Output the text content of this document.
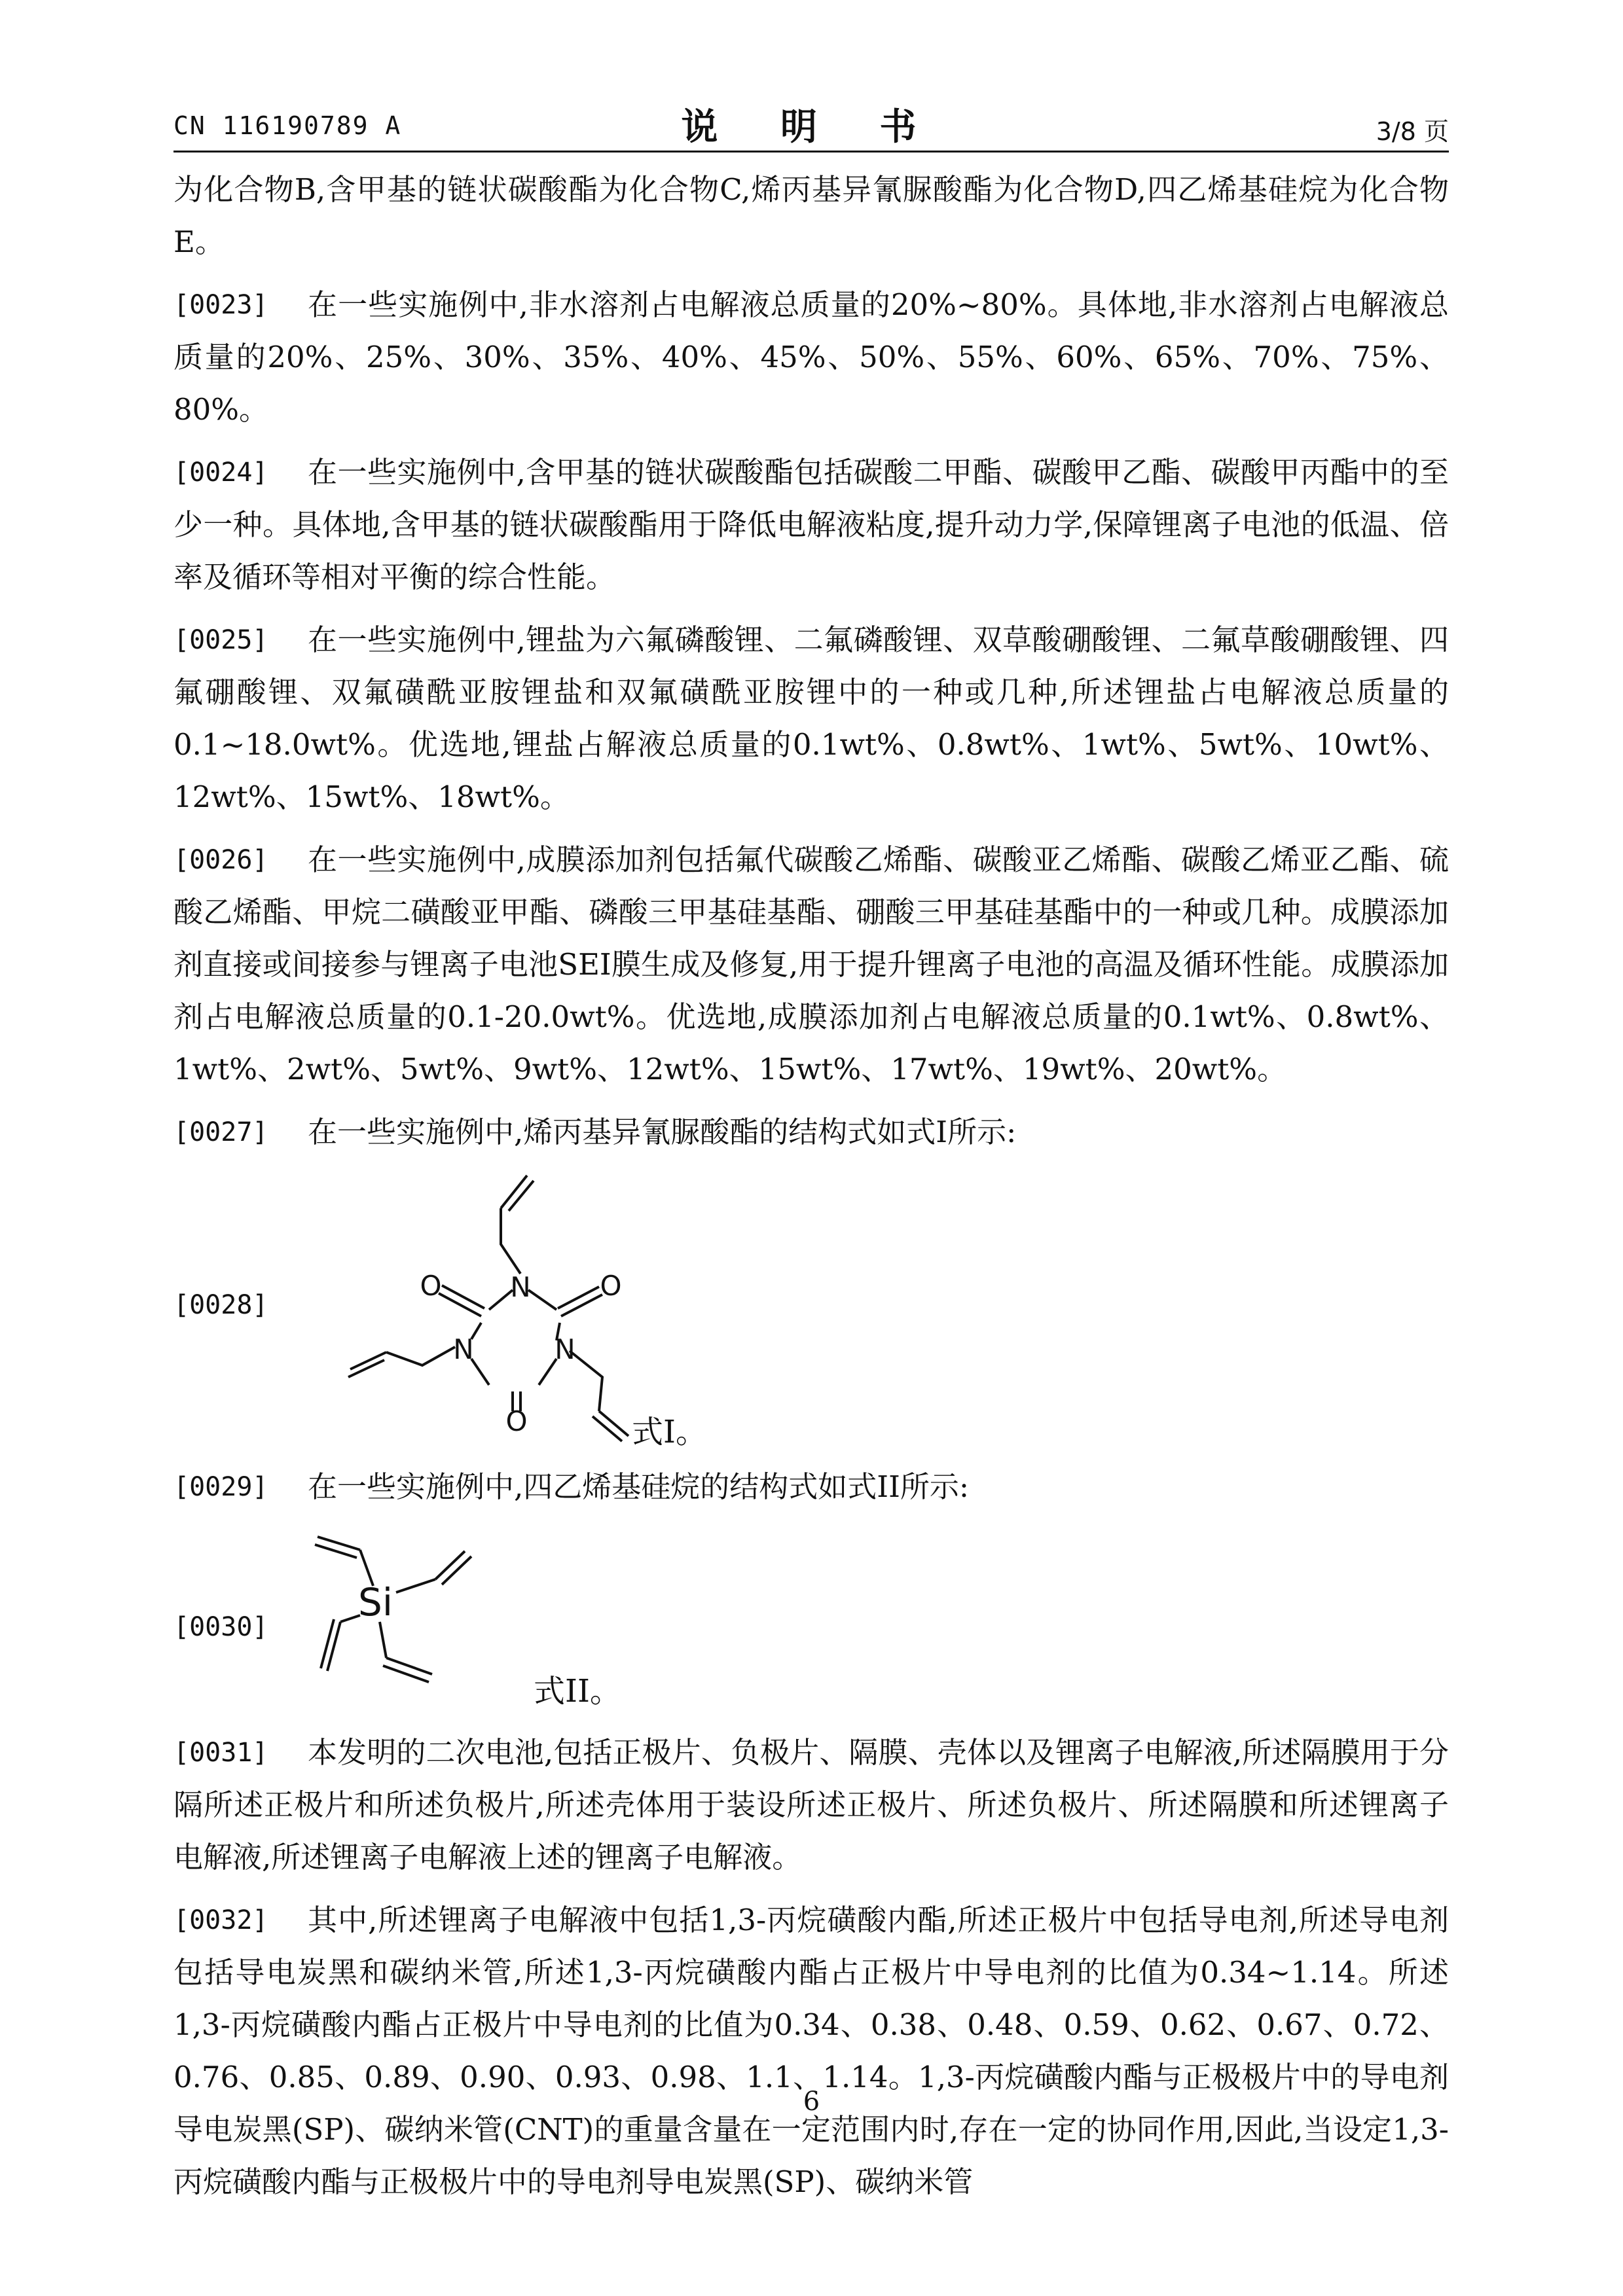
CN 116190789 A	说 明 书	3/8 页
为化合物B,含甲基的链状碳酸酯为化合物C,烯丙基异氰脲酸酯为化合物D,四乙烯基硅烷为化合物E。
[0023]	在一些实施例中,非水溶剂占电解液总质量的20%~80%。具体地,非水溶剂占电解液总质量的20%、25%、30%、35%、40%、45%、50%、55%、60%、65%、70%、75%、80%。
[0024]	在一些实施例中,含甲基的链状碳酸酯包括碳酸二甲酯、碳酸甲乙酯、碳酸甲丙酯中的至少一种。具体地,含甲基的链状碳酸酯用于降低电解液粘度,提升动力学,保障锂离子电池的低温、倍率及循环等相对平衡的综合性能。
[0025]	在一些实施例中,锂盐为六氟磷酸锂、二氟磷酸锂、双草酸硼酸锂、二氟草酸硼酸锂、四氟硼酸锂、双氟磺酰亚胺锂盐和双氟磺酰亚胺锂中的一种或几种,所述锂盐占电解液总质量的0.1~18.0wt%。优选地,锂盐占解液总质量的0.1wt%、0.8wt%、1wt%、5wt%、10wt%、12wt%、15wt%、18wt%。
[0026]	在一些实施例中,成膜添加剂包括氟代碳酸乙烯酯、碳酸亚乙烯酯、碳酸乙烯亚乙酯、硫酸乙烯酯、甲烷二磺酸亚甲酯、磷酸三甲基硅基酯、硼酸三甲基硅基酯中的一种或几种。成膜添加剂直接或间接参与锂离子电池SEI膜生成及修复,用于提升锂离子电池的高温及循环性能。成膜添加剂占电解液总质量的0.1-20.0wt%。优选地,成膜添加剂占电解液总质量的0.1wt%、0.8wt%、1wt%、2wt%、5wt%、9wt%、12wt%、15wt%、17wt%、19wt%、20wt%。
[0027]	在一些实施例中,烯丙基异氰脲酸酯的结构式如式I所示:
[0028]
O N	O
N	N
O	式I。
[0029]	在一些实施例中,四乙烯基硅烷的结构式如式II所示:
[0030]
Si
式II。
[0031]	本发明的二次电池,包括正极片、负极片、隔膜、壳体以及锂离子电解液,所述隔膜用于分隔所述正极片和所述负极片,所述壳体用于装设所述正极片、所述负极片、所述隔膜和所述锂离子电解液,所述锂离子电解液上述的锂离子电解液。
[0032]	其中,所述锂离子电解液中包括1,3-丙烷磺酸内酯,所述正极片中包括导电剂,所述导电剂包括导电炭黑和碳纳米管,所述1,3-丙烷磺酸内酯占正极片中导电剂的比值为0.34~1.14。所述1,3-丙烷磺酸内酯占正极片中导电剂的比值为0.34、0.38、0.48、0.59、0.62、0.67、0.72、0.76、0.85、0.89、0.90、0.93、0.98、1.1、1.14。1,3-丙烷磺酸内酯与正极极片中的导电剂导电炭黑(SP)、碳纳米管(CNT)的重量含量在一定范围内时,存在一定的协同作用,因此,当设定1,3-丙烷磺酸内酯与正极极片中的导电剂导电炭黑(SP)、碳纳米管
6
